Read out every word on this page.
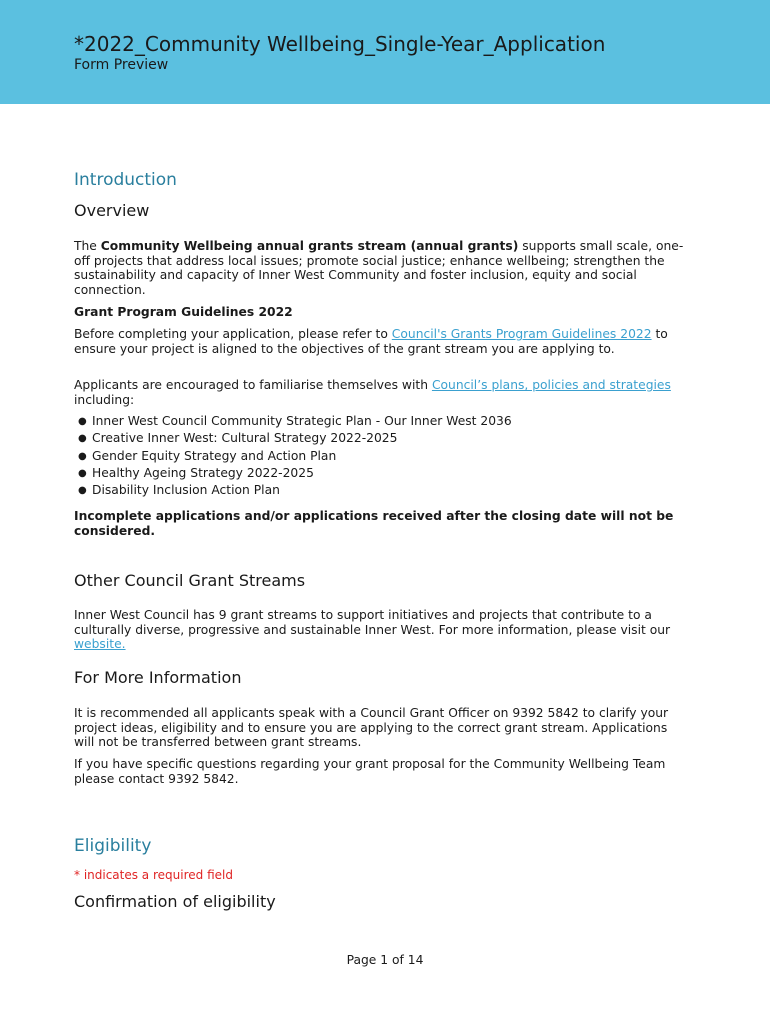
*2022_Community Wellbeing_Single-Year_Application
Form Preview
Introduction
Overview
The Community Wellbeing annual grants stream (annual grants) supports small scale, one-off projects that address local issues; promote social justice; enhance wellbeing; strengthen the sustainability and capacity of Inner West Community and foster inclusion, equity and social connection.
Grant Program Guidelines 2022
Before completing your application, please refer to Council's Grants Program Guidelines 2022 to ensure your project is aligned to the objectives of the grant stream you are applying to.
Applicants are encouraged to familiarise themselves with Council’s plans, policies and strategies including:
● Inner West Council Community Strategic Plan - Our Inner West 2036
● Creative Inner West: Cultural Strategy 2022-2025
● Gender Equity Strategy and Action Plan
● Healthy Ageing Strategy 2022-2025
● Disability Inclusion Action Plan
Incomplete applications and/or applications received after the closing date will not be considered.
Other Council Grant Streams
Inner West Council has 9 grant streams to support initiatives and projects that contribute to a culturally diverse, progressive and sustainable Inner West. For more information, please visit our website.
For More Information
It is recommended all applicants speak with a Council Grant Officer on 9392 5842 to clarify your project ideas, eligibility and to ensure you are applying to the correct grant stream. Applications will not be transferred between grant streams.
If you have specific questions regarding your grant proposal for the Community Wellbeing Team please contact 9392 5842.
Eligibility
* indicates a required field
Confirmation of eligibility
Page 1 of 14
